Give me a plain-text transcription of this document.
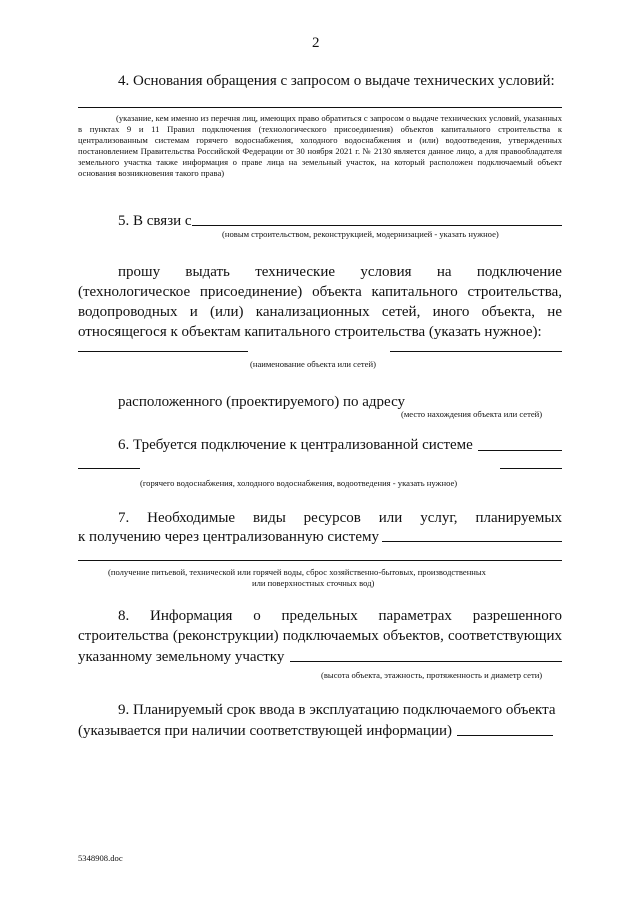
2
4. Основания обращения с запросом о выдаче технических условий:
(указание, кем именно из перечня лиц, имеющих право обратиться с запросом о выдаче технических условий, указанных в пунктах 9 и 11 Правил подключения (технологического присоединения) объектов капитального строительства к централизованным системам горячего водоснабжения, холодного водоснабжения и (или) водоотведения, утвержденных постановлением Правительства Российской Федерации от 30 ноября 2021 г. № 2130 является данное лицо, а для правообладателя земельного участка также информация о праве лица на земельный участок, на который расположен подключаемый объект основания возникновения такого права)
5. В связи с
(новым строительством, реконструкцией, модернизацией - указать нужное)
прошу выдать технические условия на подключение
(технологическое присоединение) объекта капитального строительства,
водопроводных и (или) канализационных сетей, иного объекта, не
относящегося к объектам капитального строительства (указать нужное):
(наименование объекта или сетей)
расположенного (проектируемого) по адресу
(место нахождения объекта или сетей)
6. Требуется подключение к централизованной системе
(горячего водоснабжения, холодного водоснабжения, водоотведения - указать нужное)
7. Необходимые виды ресурсов или услуг, планируемых
к получению через централизованную систему
(получение питьевой, технической или горячей воды, сброс хозяйственно-бытовых, производственных
или поверхностных сточных вод)
8. Информация о предельных параметрах разрешенного
строительства (реконструкции) подключаемых объектов, соответствующих
указанному земельному участку
(высота объекта, этажность, протяженность и диаметр сети)
9. Планируемый срок ввода в эксплуатацию подключаемого объекта
(указывается при наличии соответствующей информации)
5348908.doc
